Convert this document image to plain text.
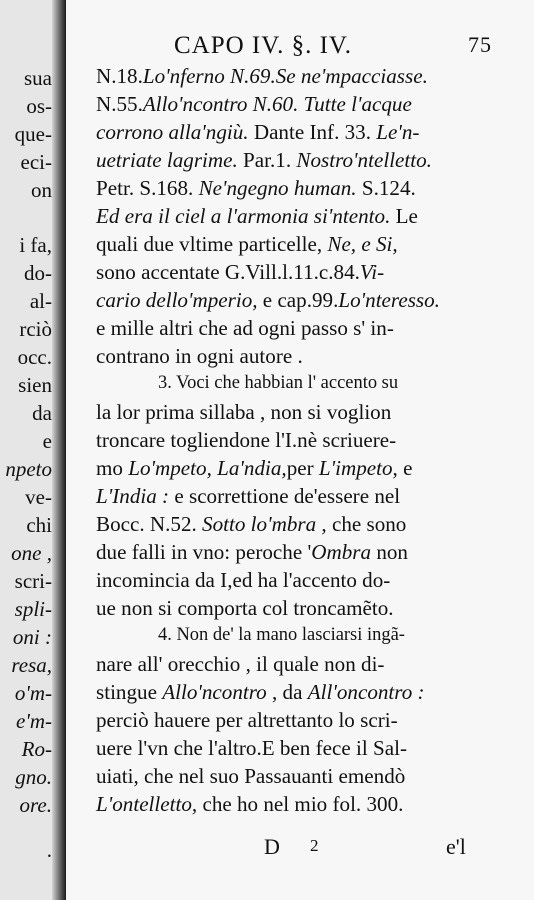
sua
os-
que-
eci-
on
i fa,
do-
al-
rciò
occ.
sien
da
e
npeto
ve-
chi
one ,
scri-
spli-
oni :
resa,
o'm-
e'm-
Ro-
gno.
ore.
.
CAPO IV. §. IV.	75
N.18.Lo'nferno N.69.Se ne'mpacciasse.
N.55.Allo'ncontro N.60. Tutte l'acque
corrono alla'ngiù. Dante Inf. 33. Le'n-
uetriate lagrime. Par.1. Nostro'ntelletto.
Petr. S.168. Ne'ngegno human. S.124.
Ed era il ciel a l'armonia si'ntento. Le
quali due vltime particelle, Ne, e Si,
sono accentate G.Vill.l.11.c.84.Vi-
cario dello'mperio, e cap.99.Lo'nteresso.
e mille altri che ad ogni passo s' in-
contrano in ogni autore .
3. Voci che habbian l' accento su
la lor prima sillaba , non si voglion
troncare togliendone l'I.nè scriuere-
mo Lo'mpeto, La'ndia,per L'impeto, e
L'India : e scorrettione de'essere nel
Bocc. N.52. Sotto lo'mbra , che sono
due falli in vno: peroche 'Ombra non
incomincia da I,ed ha l'accento do-
ue non si comporta col troncamẽto.
4. Non de' la mano lasciarsi ingã-
nare all' orecchio , il quale non di-
stingue Allo'ncontro , da All'oncontro :
perciò hauere per altrettanto lo scri-
uere l'vn che l'altro.E ben fece il Sal-
uiati, che nel suo Passauanti emendò
L'ontelletto, che ho nel mio fol. 300.
D 2	e'l
